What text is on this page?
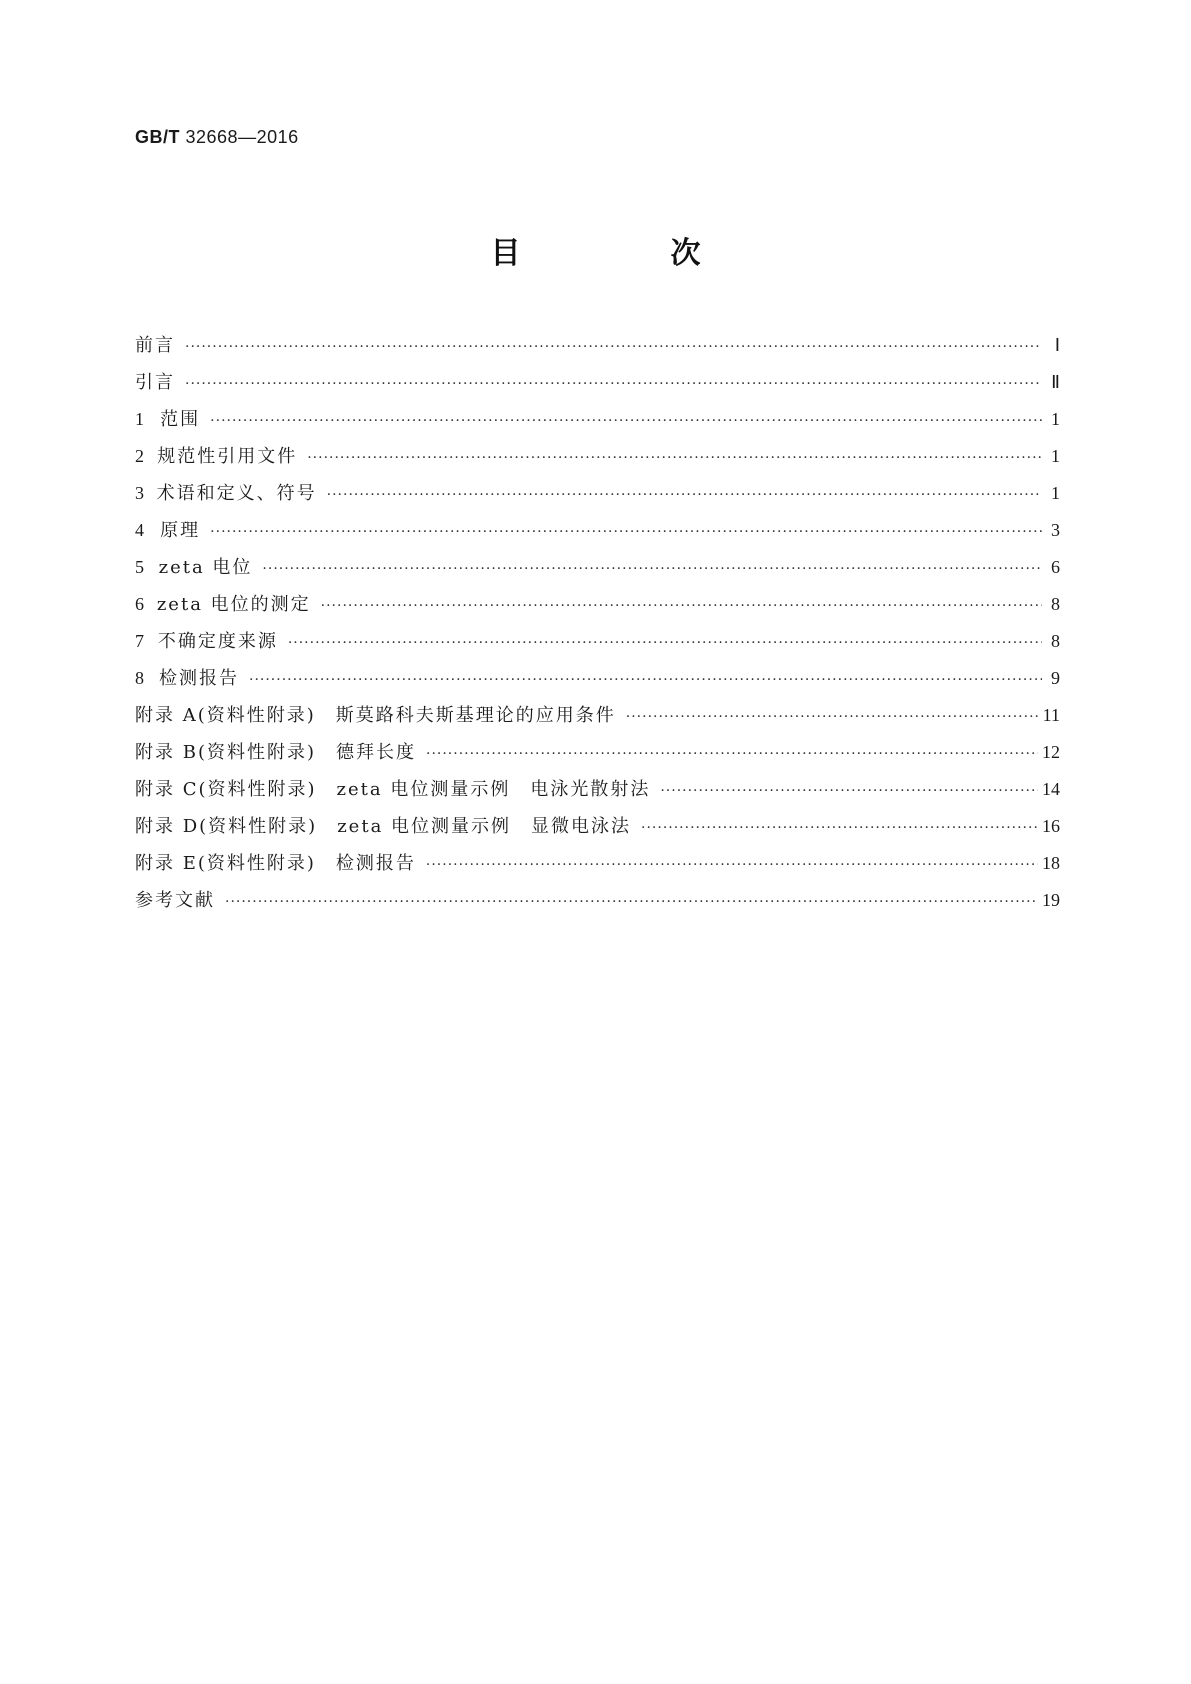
GB/T 32668—2016
目　次
前言 ·····	Ⅰ
引言 ·····	Ⅱ
1 范围 ·····	1
2 规范性引用文件 ·····	1
3 术语和定义、符号 ·····	1
4 原理 ·····	3
5 zeta 电位 ·····	6
6 zeta 电位的测定 ·····	8
7 不确定度来源 ·····	8
8 检测报告 ·····	9
附录 A(资料性附录)　斯莫路科夫斯基理论的应用条件 ·····	11
附录 B(资料性附录)　德拜长度 ·····	12
附录 C(资料性附录)　zeta 电位测量示例　电泳光散射法 ·····	14
附录 D(资料性附录)　zeta 电位测量示例　显微电泳法 ·····	16
附录 E(资料性附录)　检测报告 ·····	18
参考文献 ·····	19
